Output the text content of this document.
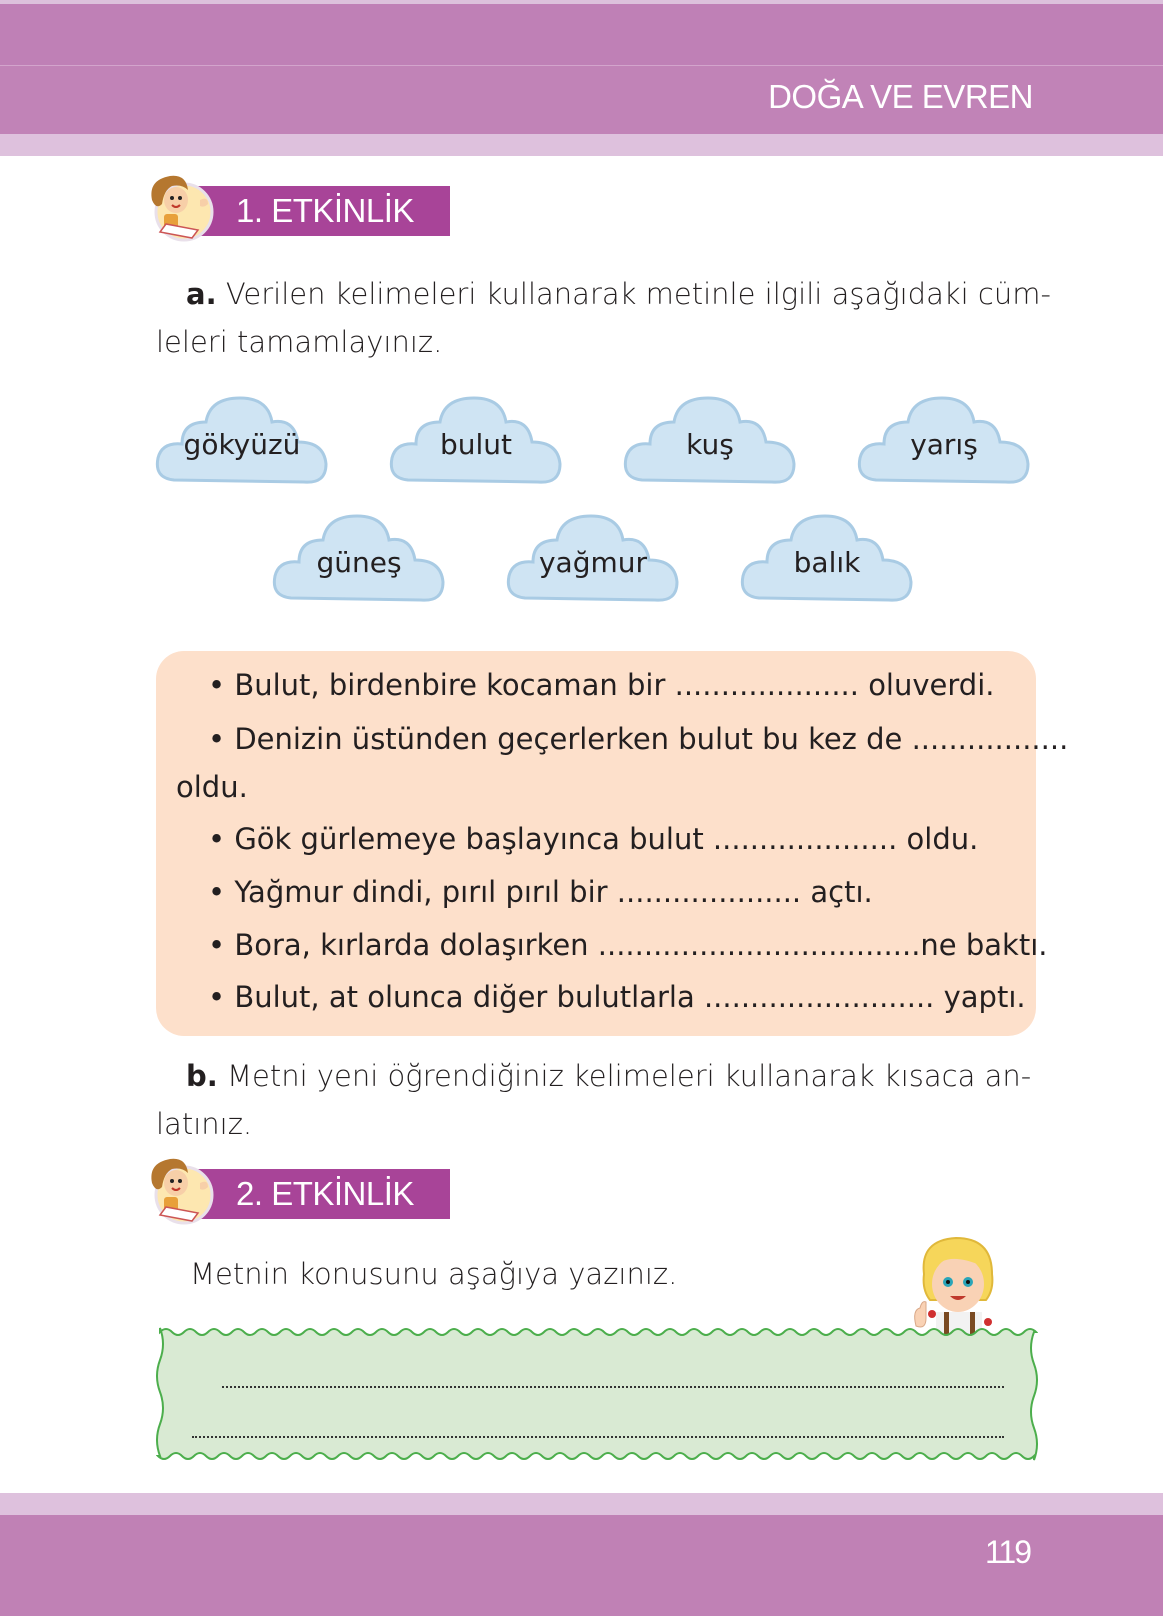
DOĞA VE EVREN
1. ETKİNLİK
a. Verilen kelimeleri kullanarak metinle ilgili aşağıdaki cüm-
leleri tamamlayınız.
gökyüzü	bulut	kuş	yarış
güneş	yağmur	balık
• Bulut, birdenbire kocaman bir .................... oluverdi.
• Denizin üstünden geçerlerken bulut bu kez de .................
oldu.
• Gök gürlemeye başlayınca bulut .................... oldu.
• Yağmur dindi, pırıl pırıl bir .................... açtı.
• Bora, kırlarda dolaşırken ...................................ne baktı.
• Bulut, at olunca diğer bulutlarla ......................... yaptı.
b. Metni yeni öğrendiğiniz kelimeleri kullanarak kısaca an-
latınız.
2. ETKİNLİK
Metnin konusunu aşağıya yazınız.
119
